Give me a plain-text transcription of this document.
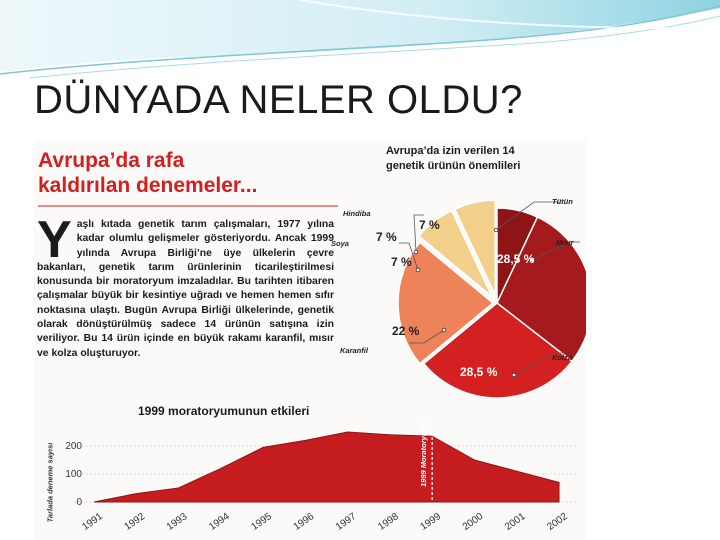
DÜNYADA NELER OLDU?
Avrupa’da rafa
kaldırılan denemeler...

Yaşlı kıtada genetik tarım çalışmaları, 1977 yılına kadar olumlu gelişmeler gösteriyordu. Ancak 1999 yılında Avrupa Birliği’ne üye ülkelerin çevre bakanları, genetik tarım ürünlerinin ticarileştirilmesi konusunda bir moratoryum imzaladılar. Bu tarihten itibaren çalışmalar büyük bir kesintiye uğradı ve hemen hemen sıfır noktasına ulaştı. Bugün Avrupa Birliği ülkelerinde, genetik olarak dönüştürülmüş sadece 14 ürünün satışına izin veriliyor. Bu 14 ürün içinde en büyük rakamı karanfil, mısır ve kolza oluşturuyor.

Avrupa’da izin verilen 14 genetik ürünün önemlileri
Tütün
Mısır
Kolza
Karanfil
Soya
Hindiba
7 %
28,5 %
28,5 %
22 %
7 %
7 %
1999 moratoryumunun etkileri
0
100
200	1999 Moratoryumu
1991 1992 1993 1994 1995 1996 1997 1998 1999 2000 2001 2002
Tarlada deneme sayısı
